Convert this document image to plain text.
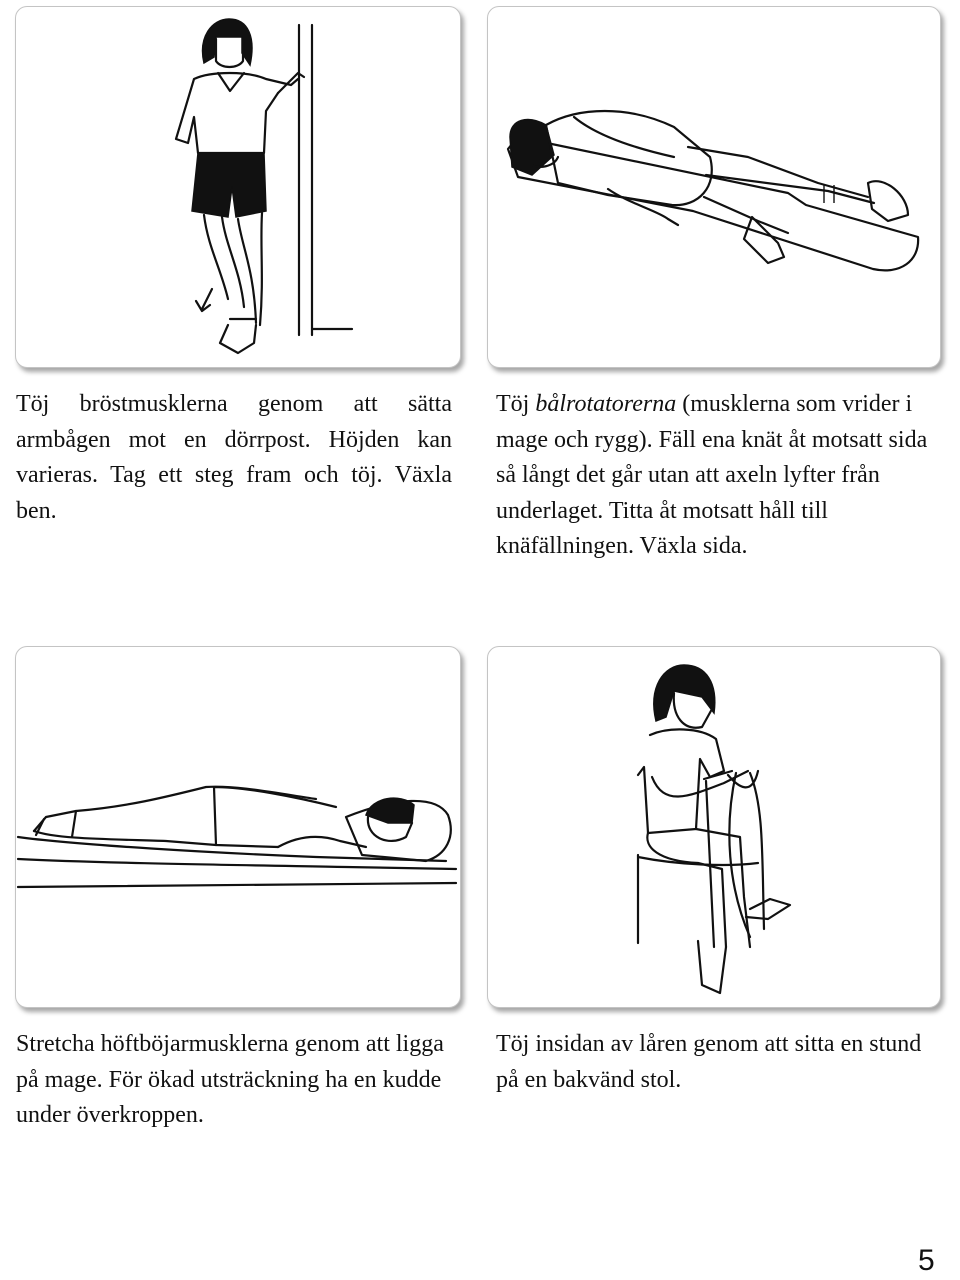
Töj bröstmusklerna genom att sätta armbågen mot en dörrpost. Höjden kan varieras. Tag ett steg fram och töj. Växla ben.

Töj bålrotatorerna (musklerna som vrider i mage och rygg). Fäll ena knät åt motsatt sida så långt det går utan att axeln lyfter från underlaget. Titta åt motsatt håll till knäfällningen. Växla sida.

Stretcha höftböjarmusklerna genom att ligga på mage. För ökad utsträckning ha en kudde under överkroppen.

Töj insidan av låren genom att sitta en stund på en bakvänd stol.

5
